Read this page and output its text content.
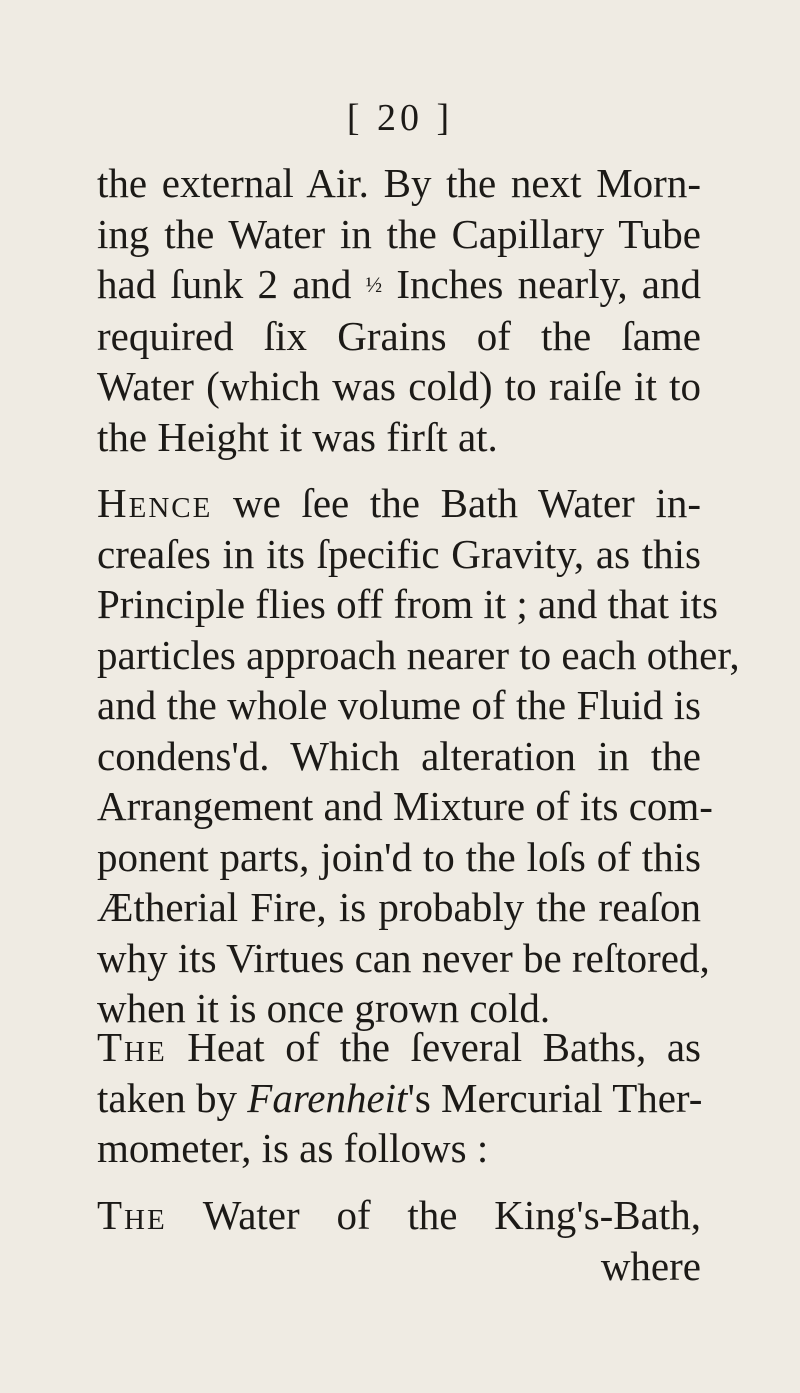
[ 20 ]
the external Air. By the next Morn-
ing the Water in the Capillary Tube
had ſunk 2 and ½ Inches nearly, and
required ſix Grains of the ſame
Water (which was cold) to raiſe it to
the Height it was firſt at.
Hence we ſee the Bath Water in-
creaſes in its ſpecific Gravity, as this
Principle flies off from it ; and that its
particles approach nearer to each other,
and the whole volume of the Fluid is
condens'd. Which alteration in the
Arrangement and Mixture of its com-
ponent parts, join'd to the loſs of this
Ætherial Fire, is probably the reaſon
why its Virtues can never be reſtored,
when it is once grown cold.
The Heat of the ſeveral Baths, as
taken by Farenheit's Mercurial Ther-
mometer, is as follows :
The Water of the King's-Bath,
where
